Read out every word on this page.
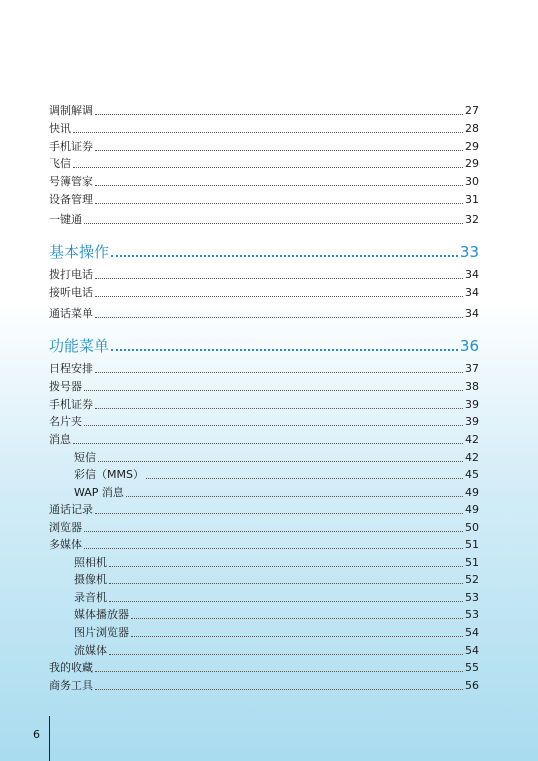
调制解调	27
快讯	28
手机证券	29
飞信	29
号簿管家	30
设备管理	31
一键通	32
基本操作	33
拨打电话	34
接听电话	34
通话菜单	34
功能菜单	36
日程安排	37
拨号器	38
手机证券	39
名片夹	39
消息	42
短信	42
彩信（MMS）	45
WAP 消息	49
通话记录	49
浏览器	50
多媒体	51
照相机	51
摄像机	52
录音机	53
媒体播放器	53
图片浏览器	54
流媒体	54
我的收藏	55
商务工具	56
6
